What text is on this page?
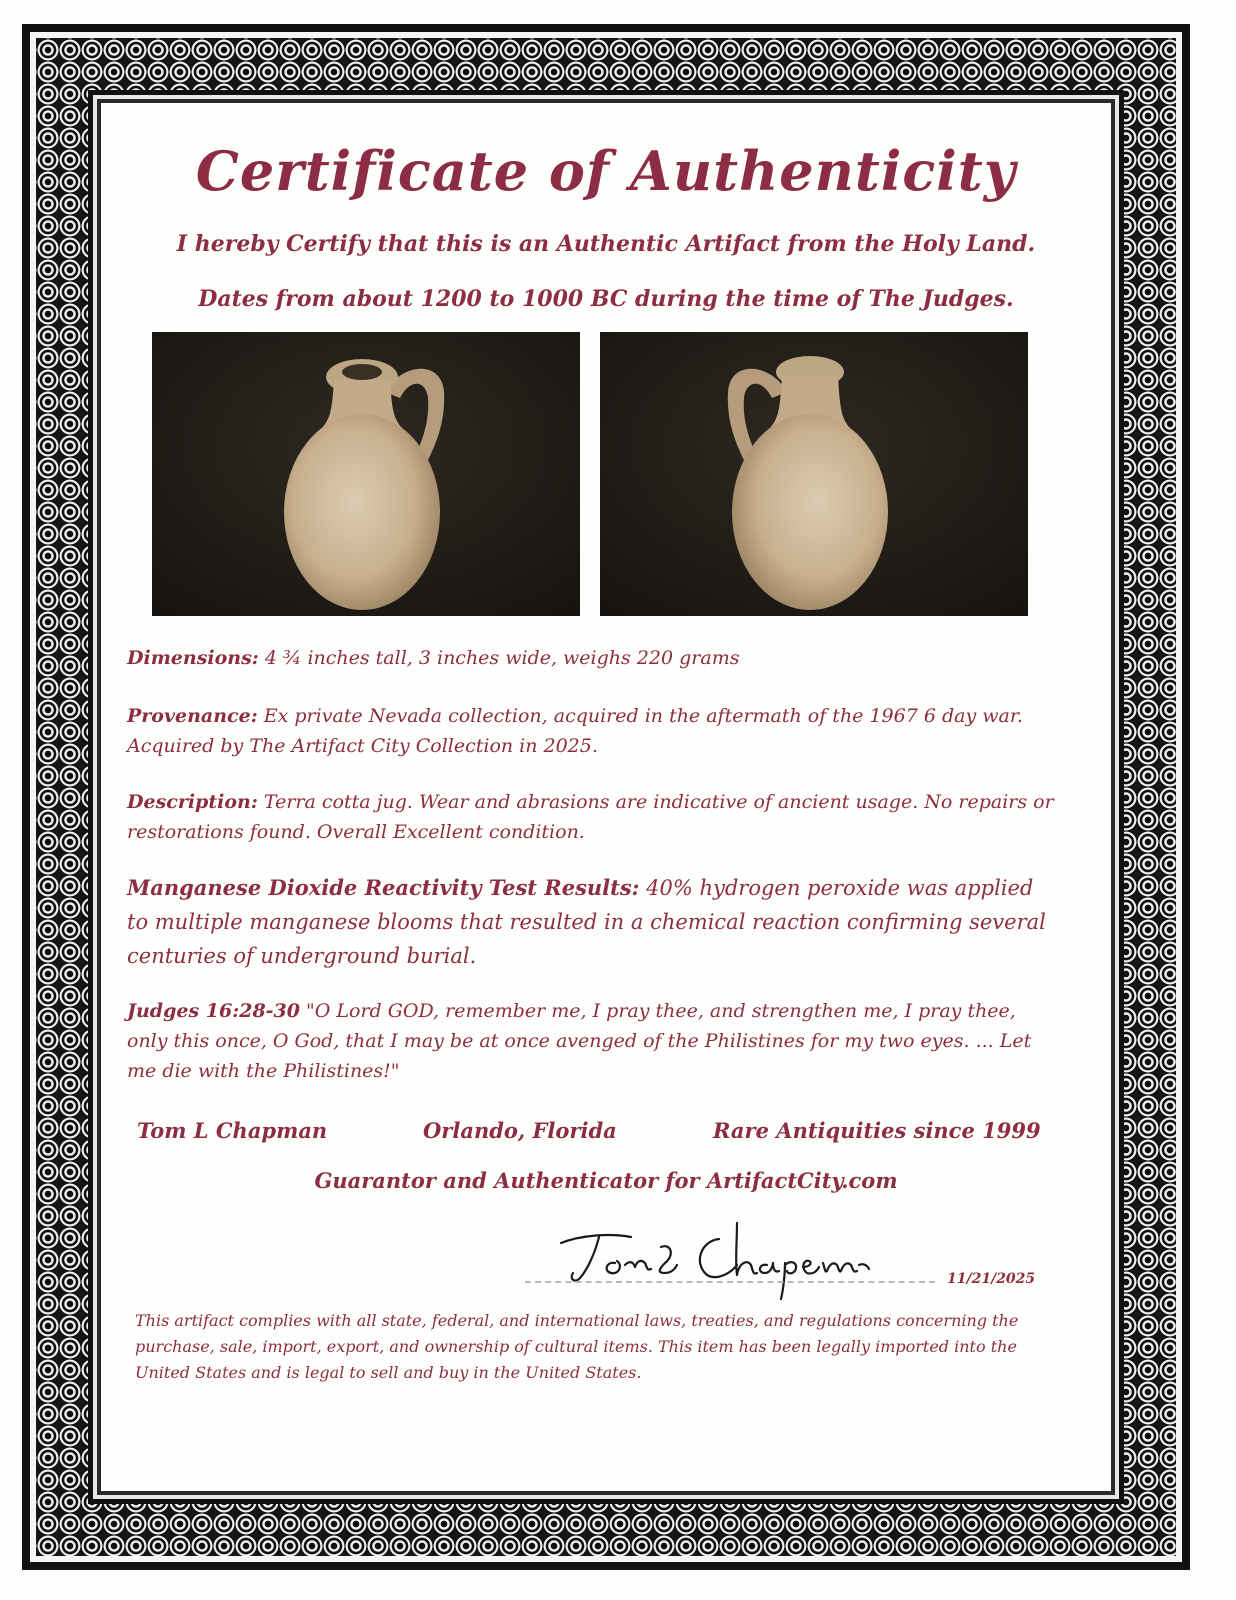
Certificate of Authenticity
I hereby Certify that this is an Authentic Artifact from the Holy Land.
Dates from about 1200 to 1000 BC during the time of The Judges.
Dimensions: 4 ¾ inches tall, 3 inches wide, weighs 220 grams
Provenance: Ex private Nevada collection, acquired in the aftermath of the 1967 6 day war. Acquired by The Artifact City Collection in 2025.
Description: Terra cotta jug. Wear and abrasions are indicative of ancient usage. No repairs or restorations found. Overall Excellent condition.
Manganese Dioxide Reactivity Test Results: 40% hydrogen peroxide was applied to multiple manganese blooms that resulted in a chemical reaction confirming several centuries of underground burial.
Judges 16:28-30 "O Lord GOD, remember me, I pray thee, and strengthen me, I pray thee, only this once, O God, that I may be at once avenged of the Philistines for my two eyes. ... Let me die with the Philistines!"
Tom L Chapman	Orlando, Florida	Rare Antiquities since 1999
Guarantor and Authenticator for ArtifactCity.com
11/21/2025
This artifact complies with all state, federal, and international laws, treaties, and regulations concerning the purchase, sale, import, export, and ownership of cultural items. This item has been legally imported into the United States and is legal to sell and buy in the United States.
